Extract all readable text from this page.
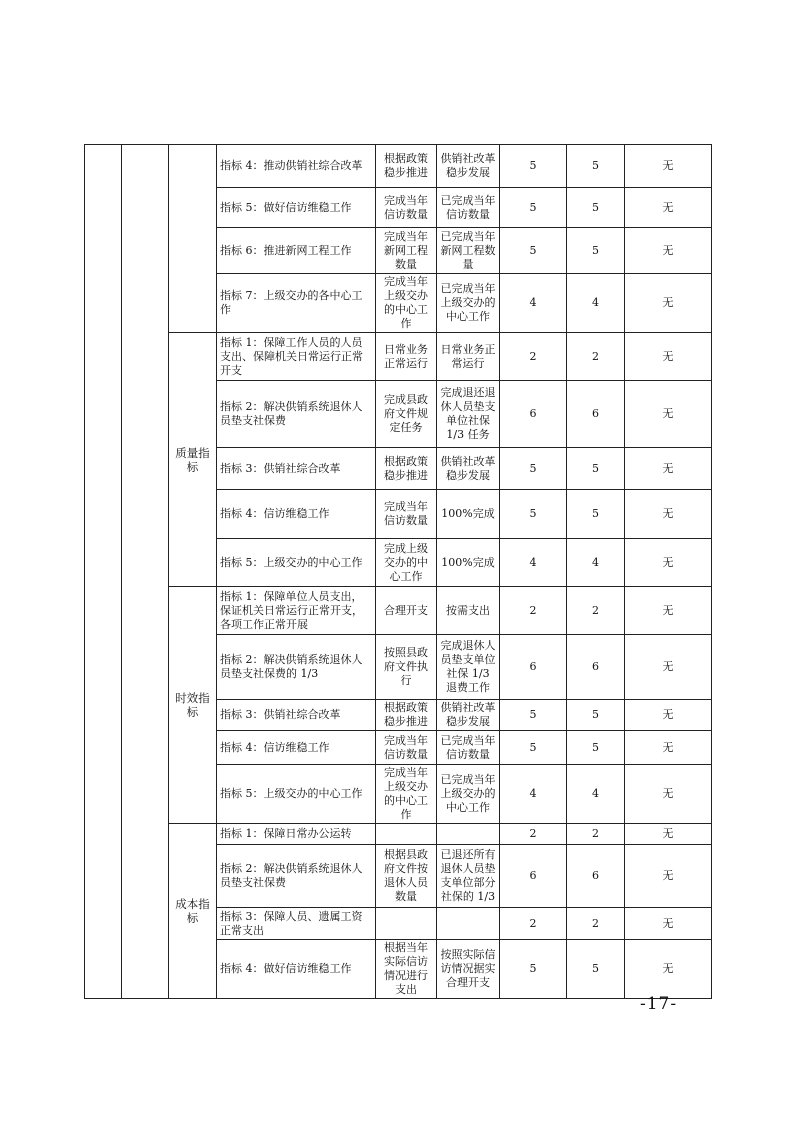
			指标 4：推动供销社综合改革	根据政策稳步推进	供销社改革稳步发展	5	5	无
			指标 5：做好信访维稳工作	完成当年信访数量	已完成当年信访数量	5	5	无
			指标 6：推进新网工程工作	完成当年新网工程数量	已完成当年新网工程数量	5	5	无
			指标 7：上级交办的各中心工作	完成当年上级交办的中心工作	已完成当年上级交办的中心工作	4	4	无
		质量指标	指标 1：保障工作人员的人员支出、保障机关日常运行正常开支	日常业务正常运行	日常业务正常运行	2	2	无
			指标 2：解决供销系统退休人员垫支社保费	完成县政府文件规定任务	完成退还退休人员垫支单位社保 1/3 任务	6	6	无
			指标 3：供销社综合改革	根据政策稳步推进	供销社改革稳步发展	5	5	无
			指标 4：信访维稳工作	完成当年信访数量	100%完成	5	5	无
			指标 5：上级交办的中心工作	完成上级交办的中心工作	100%完成	4	4	无
		时效指标	指标 1：保障单位人员支出，保证机关日常运行正常开支，各项工作正常开展	合理开支	按需支出	2	2	无
			指标 2：解决供销系统退休人员垫支社保费的 1/3	按照县政府文件执行	完成退休人员垫支单位社保 1/3 退费工作	6	6	无
			指标 3：供销社综合改革	根据政策稳步推进	供销社改革稳步发展	5	5	无
			指标 4：信访维稳工作	完成当年信访数量	已完成当年信访数量	5	5	无
			指标 5：上级交办的中心工作	完成当年上级交办的中心工作	已完成当年上级交办的中心工作	4	4	无
		成本指标	指标 1：保障日常办公运转			2	2	无
			指标 2：解决供销系统退休人员垫支社保费	根据县政府文件按退休人员数量	已退还所有退休人员垫支单位部分社保的 1/3	6	6	无
			指标 3：保障人员、遗属工资正常支出			2	2	无
			指标 4：做好信访维稳工作	根据当年实际信访情况进行支出	按照实际信访情况据实合理开支	5	5	无
-17-
